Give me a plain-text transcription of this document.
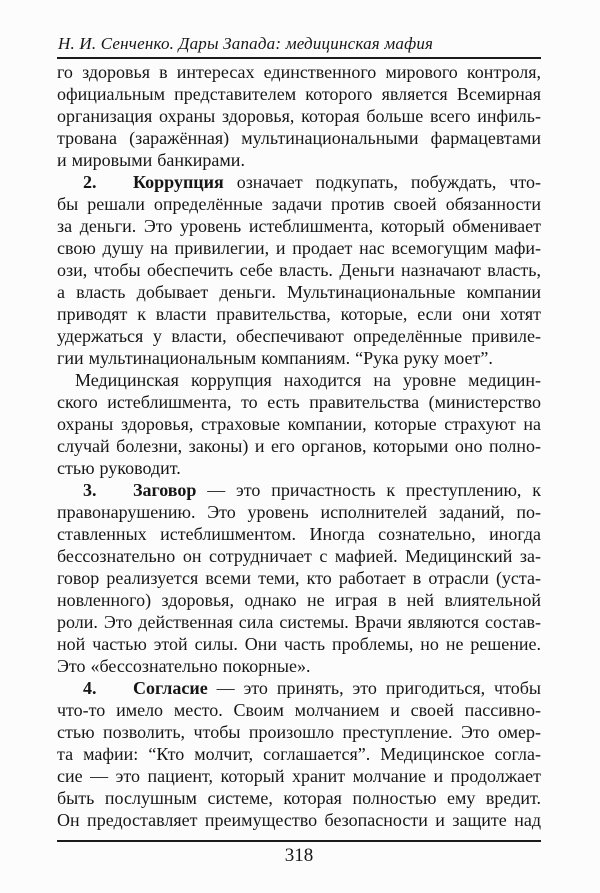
Н. И. Сенченко. Дары Запада: медицинская мафия
го здоровья в интересах единственного мирового контроля,
официальным представителем которого является Всемирная
организация охраны здоровья, которая больше всего инфиль-
трована (заражённая) мультинациональными фармацевтами
и мировыми банкирами.
2. Коррупция означает подкупать, побуждать, что-
бы решали определённые задачи против своей обязанности
за деньги. Это уровень истеблишмента, который обменивает
свою душу на привилегии, и продает нас всемогущим мафи-
ози, чтобы обеспечить себе власть. Деньги назначают власть,
а власть добывает деньги. Мультинациональные компании
приводят к власти правительства, которые, если они хотят
удержаться у власти, обеспечивают определённые привиле-
гии мультинациональным компаниям. “Рука руку моет”.
Медицинская коррупция находится на уровне медицин-
ского истеблишмента, то есть правительства (министерство
охраны здоровья, страховые компании, которые страхуют на
случай болезни, законы) и его органов, которыми оно полно-
стью руководит.
3. Заговор — это причастность к преступлению, к
правонарушению. Это уровень исполнителей заданий, по-
ставленных истеблишментом. Иногда сознательно, иногда
бессознательно он сотрудничает с мафией. Медицинский за-
говор реализуется всеми теми, кто работает в отрасли (уста-
новленного) здоровья, однако не играя в ней влиятельной
роли. Это действенная сила системы. Врачи являются состав-
ной частью этой силы. Они часть проблемы, но не решение.
Это «бессознательно покорные».
4. Согласие — это принять, это пригодиться, чтобы
что-то имело место. Своим молчанием и своей пассивно-
стью позволить, чтобы произошло преступление. Это омер-
та мафии: “Кто молчит, соглашается”. Медицинское согла-
сие — это пациент, который хранит молчание и продолжает
быть послушным системе, которая полностью ему вредит.
Он предоставляет преимущество безопасности и защите над
318
